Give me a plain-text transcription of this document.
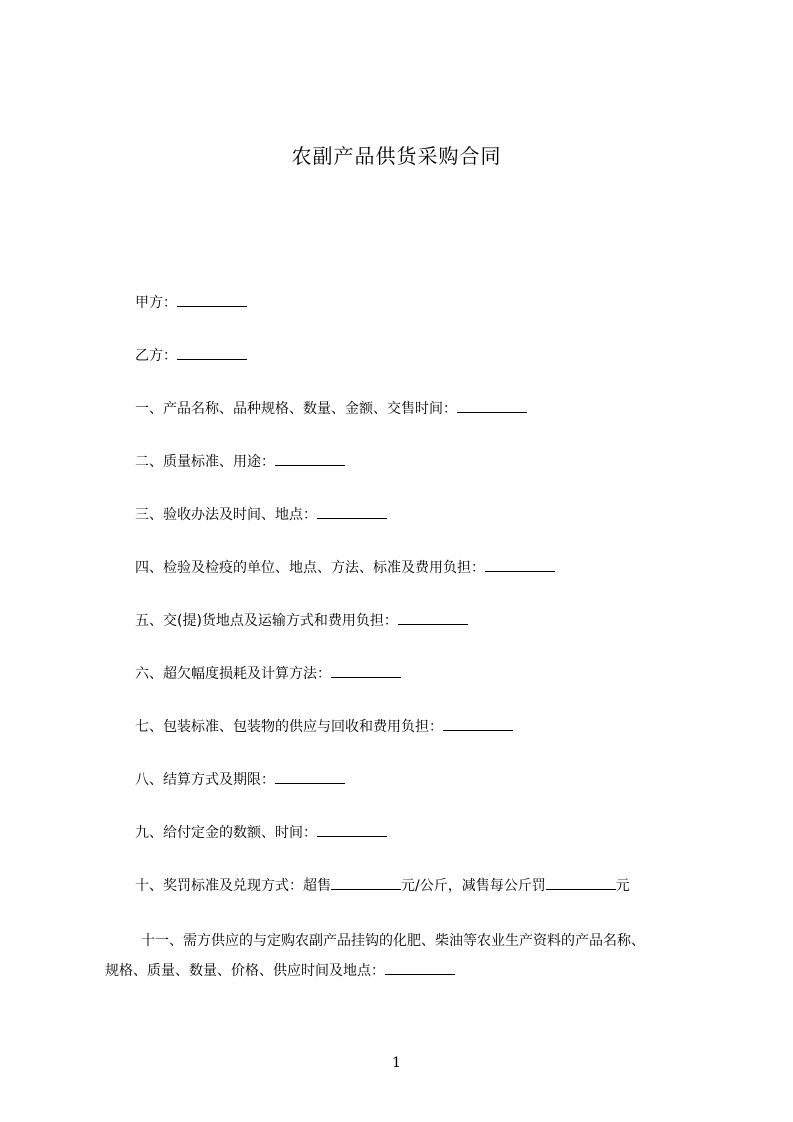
农副产品供货采购合同
甲方：
乙方：
一、产品名称、品种规格、数量、金额、交售时间：
二、质量标准、用途：
三、验收办法及时间、地点：
四、检验及检疫的单位、地点、方法、标准及费用负担：
五、交(提)货地点及运输方式和费用负担：
六、超欠幅度损耗及计算方法：
七、包装标准、包装物的供应与回收和费用负担：
八、结算方式及期限：
九、给付定金的数额、时间：
十、奖罚标准及兑现方式：超售	元/公斤，减售每公斤罚	元
十一、需方供应的与定购农副产品挂钩的化肥、柴油等农业生产资料的产品名称、
规格、质量、数量、价格、供应时间及地点：
1
